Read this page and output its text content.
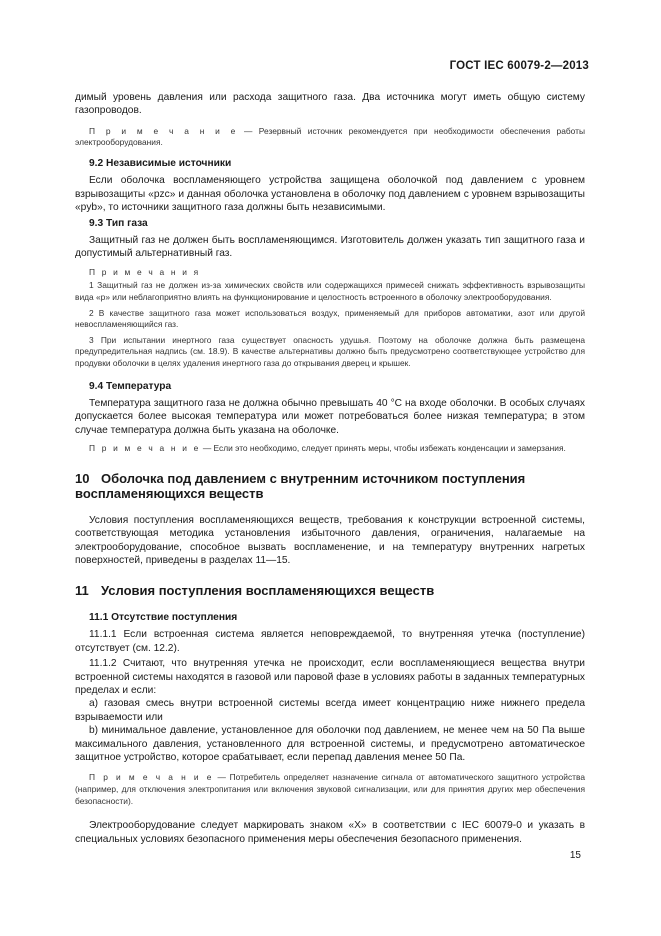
ГОСТ IEC 60079-2—2013

димый уровень давления или расхода защитного газа. Два источника могут иметь общую систему газопроводов.

П р и м е ч а н и е — Резервный источник рекомендуется при необходимости обеспечения работы электрооборудования.

9.2 Независимые источники

Если оболочка воспламеняющего устройства защищена оболочкой под давлением с уровнем взрывозащиты «pzc» и данная оболочка установлена в оболочку под давлением с уровнем взрывозащиты «pyb», то источники защитного газа должны быть независимыми.

9.3 Тип газа

Защитный газ не должен быть воспламеняющимся. Изготовитель должен указать тип защитного газа и допустимый альтернативный газ.

П р и м е ч а н и я

1 Защитный газ не должен из-за химических свойств или содержащихся примесей снижать эффективность взрывозащиты вида «p» или неблагоприятно влиять на функционирование и целостность встроенного в оболочку электрооборудования.

2 В качестве защитного газа может использоваться воздух, применяемый для приборов автоматики, азот или другой невоспламеняющийся газ.

3 При испытании инертного газа существует опасность удушья. Поэтому на оболочке должна быть размещена предупредительная надпись (см. 18.9). В качестве альтернативы должно быть предусмотрено соответствующее устройство для продувки оболочки в целях удаления инертного газа до открывания дверец и крышек.

9.4 Температура

Температура защитного газа не должна обычно превышать 40 °С на входе оболочки. В особых случаях допускается более высокая температура или может потребоваться более низкая температура; в этом случае температура должна быть указана на оболочке.

П р и м е ч а н и е — Если это необходимо, следует принять меры, чтобы избежать конденсации и замерзания.

10 Оболочка под давлением с внутренним источником поступления
воспламеняющихся веществ

Условия поступления воспламеняющихся веществ, требования к конструкции встроенной системы, соответствующая методика установления избыточного давления, ограничения, налагаемые на электрооборудование, способное вызвать воспламенение, и на температуру внутренних нагретых поверхностей, приведены в разделах 11—15.

11 Условия поступления воспламеняющихся веществ

11.1 Отсутствие поступления

11.1.1 Если встроенная система является неповреждаемой, то внутренняя утечка (поступление) отсутствует (см. 12.2).

11.1.2 Считают, что внутренняя утечка не происходит, если воспламеняющиеся вещества внутри встроенной системы находятся в газовой или паровой фазе в условиях работы в заданных температурных пределах и если:

а) газовая смесь внутри встроенной системы всегда имеет концентрацию ниже нижнего предела взрываемости или

b) минимальное давление, установленное для оболочки под давлением, не менее чем на 50 Па выше максимального давления, установленного для встроенной системы, и предусмотрено автоматическое защитное устройство, которое срабатывает, если перепад давления менее 50 Па.

П р и м е ч а н и е — Потребитель определяет назначение сигнала от автоматического защитного устройства (например, для отключения электропитания или включения звуковой сигнализации, или для принятия других мер обеспечения безопасности).

Электрооборудование следует маркировать знаком «X» в соответствии с IEC 60079-0 и указать в специальных условиях безопасного применения меры обеспечения безопасного применения.

15
